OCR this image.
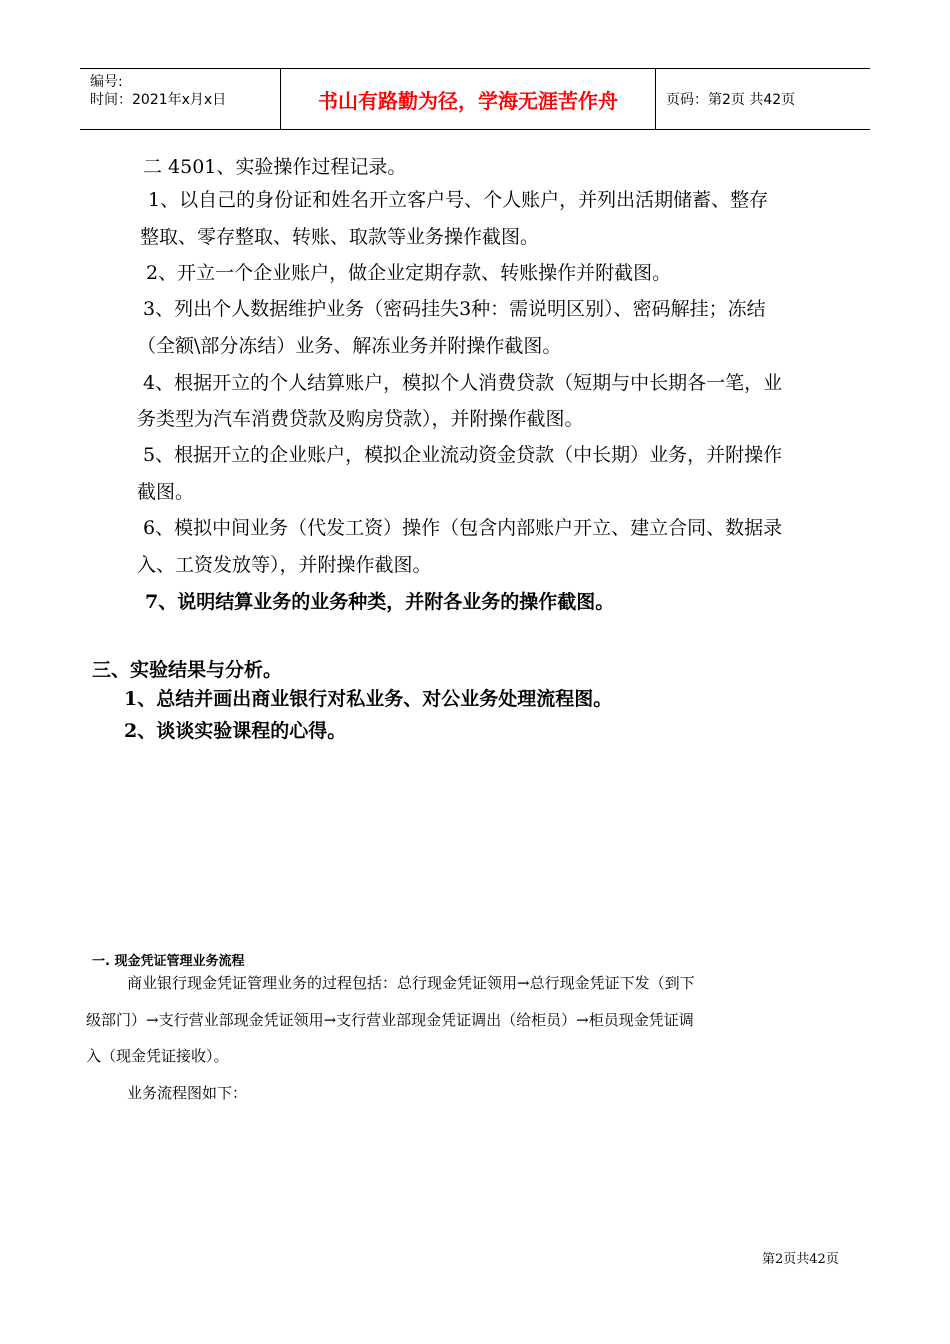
编号:
时间：2021年x月x日	书山有路勤为径，学海无涯苦作舟	页码：第2页 共42页
二 4501、实验操作过程记录。
1、以自己的身份证和姓名开立客户号、个人账户，并列出活期储蓄、整存
整取、零存整取、转账、取款等业务操作截图。
2、开立一个企业账户，做企业定期存款、转账操作并附截图。
3、列出个人数据维护业务（密码挂失3种：需说明区别）、密码解挂；冻结
（全额\部分冻结）业务、解冻业务并附操作截图。
4、根据开立的个人结算账户，模拟个人消费贷款（短期与中长期各一笔，业
务类型为汽车消费贷款及购房贷款），并附操作截图。
5、根据开立的企业账户，模拟企业流动资金贷款（中长期）业务，并附操作
截图。
6、模拟中间业务（代发工资）操作（包含内部账户开立、建立合同、数据录
入、工资发放等），并附操作截图。
7、说明结算业务的业务种类，并附各业务的操作截图。
三、实验结果与分析。
1、总结并画出商业银行对私业务、对公业务处理流程图。
2、谈谈实验课程的心得。
一. 现金凭证管理业务流程
商业银行现金凭证管理业务的过程包括：总行现金凭证领用→总行现金凭证下发（到下
级部门）→支行营业部现金凭证领用→支行营业部现金凭证调出（给柜员）→柜员现金凭证调
入（现金凭证接收）。
业务流程图如下：
第2页共42页
